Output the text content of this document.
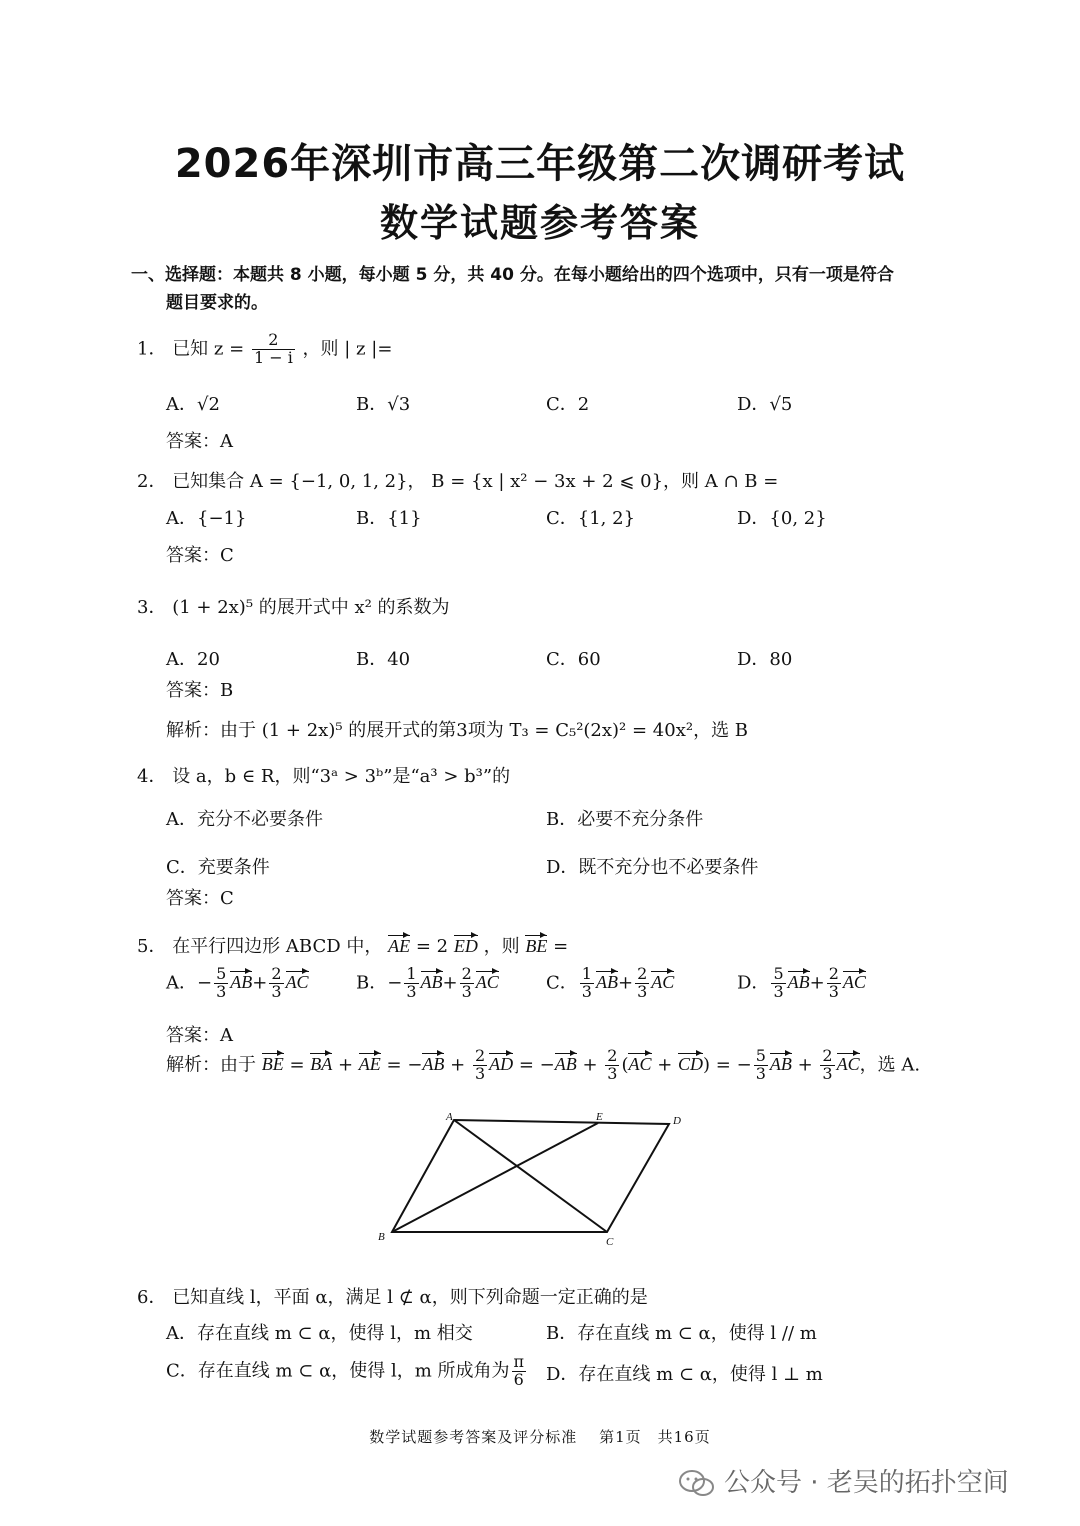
2026年深圳市高三年级第二次调研考试
数学试题参考答案
一、选择题：本题共 8 小题，每小题 5 分，共 40 分。在每小题给出的四个选项中，只有一项是符合
题目要求的。
1． 已知 $z = \frac{2}{1 - i}$ ，则 | z |=
A．√2	B．√3	C．2	D．√5
答案：A
2． 已知集合 A = {−1, 0, 1, 2}， B = {x | x² − 3x + 2 ⩽ 0}，则 A ∩ B =
A．{−1}	B．{1}	C．{1, 2}	D．{0, 2}
答案：C
3． (1 + 2x)⁵ 的展开式中 x² 的系数为
A．20	B．40	C．60	D．80
答案：B
解析：由于 (1 + 2x)⁵ 的展开式的第3项为 T₃ = C₅²(2x)² = 40x²，选 B
4． 设 a，b ∈ R，则“3ᵃ > 3ᵇ”是“a³ > b³”的
A．充分不必要条件	B．必要不充分条件
C．充要条件	D．既不充分也不必要条件
答案：C
5． 在平行四边形 ABCD 中， AE = 2 ED ，则 BE =
A．− $\frac{5}{3} AB+ \frac{2}{3}$ AC	B．− $\frac{1}{3} AB+ \frac{2}{3}$ AC	C． $\frac{1}{3} AB+ \frac{2}{3}$ AC	D． $\frac{5}{3} AB+ \frac{2}{3}$ AC
答案：A
解析：由于 BE = BA + AE = $-AB + \frac{2}{3}$ AD = $-AB + \frac{2}{3} (AC + CD)$ = − $\frac{5}{3}$ AB + $\frac{2}{3}$ AC，选 A.
A	E	D
B	C
6． 已知直线 l，平面 α，满足 l ⊄ α，则下列命题一定正确的是
A．存在直线 m ⊂ α，使得 l，m 相交	B．存在直线 m ⊂ α，使得 l // m
C．存在直线 m ⊂ α，使得 l，m 所成角为 $\frac{\pi}{6}$ D．存在直线 m ⊂ α，使得 l ⊥ m
数学试题参考答案及评分标准　 第1页　共16页
公众号 · 老吴的拓扑空间
